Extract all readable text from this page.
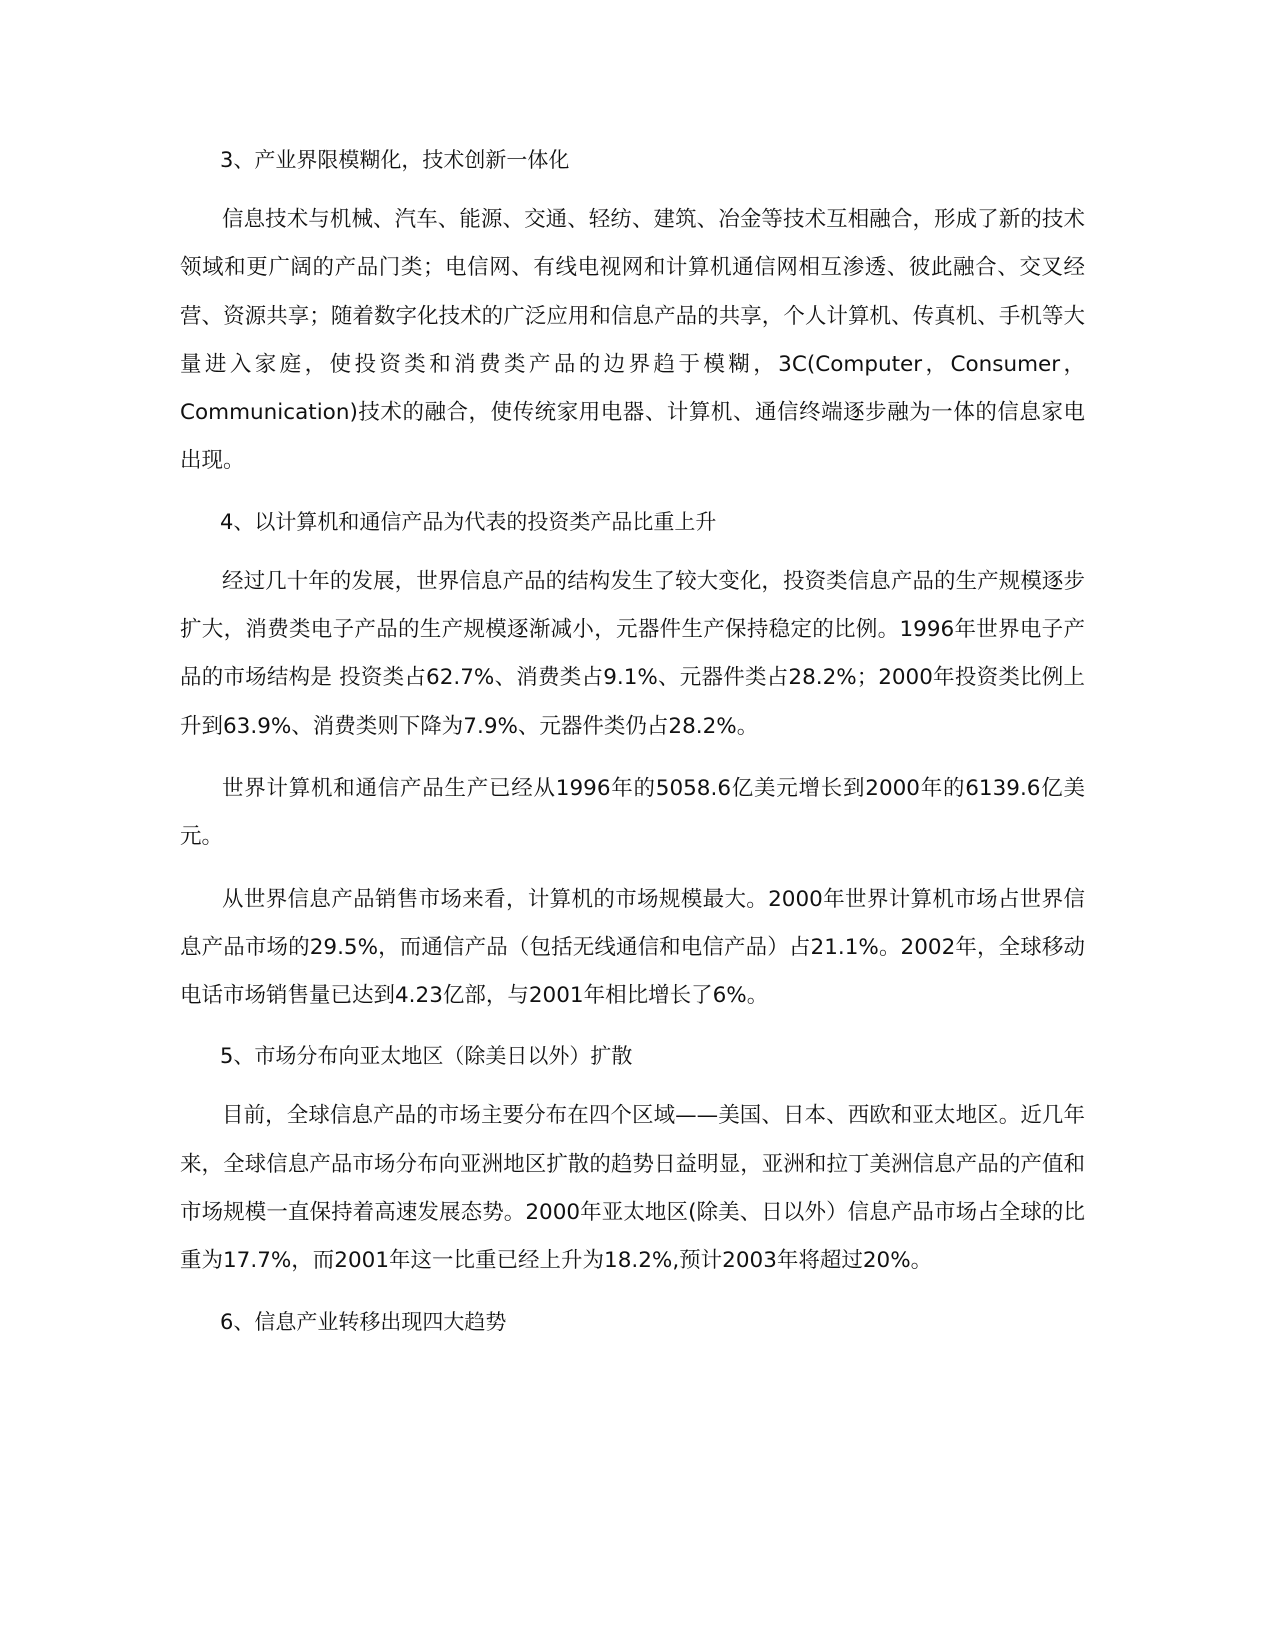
3、产业界限模糊化，技术创新一体化

信息技术与机械、汽车、能源、交通、轻纺、建筑、冶金等技术互相融合，形成了新的技术领域和更广阔的产品门类；电信网、有线电视网和计算机通信网相互渗透、彼此融合、交叉经营、资源共享；随着数字化技术的广泛应用和信息产品的共享，个人计算机、传真机、手机等大量进入家庭，使投资类和消费类产品的边界趋于模糊，3C(Computer，Consumer，Communication)技术的融合，使传统家用电器、计算机、通信终端逐步融为一体的信息家电出现。

4、以计算机和通信产品为代表的投资类产品比重上升

经过几十年的发展，世界信息产品的结构发生了较大变化，投资类信息产品的生产规模逐步扩大，消费类电子产品的生产规模逐渐减小，元器件生产保持稳定的比例。1996年世界电子产品的市场结构是 投资类占62.7%、消费类占9.1%、元器件类占28.2%；2000年投资类比例上升到63.9%、消费类则下降为7.9%、元器件类仍占28.2%。

世界计算机和通信产品生产已经从1996年的5058.6亿美元增长到2000年的6139.6亿美元。

从世界信息产品销售市场来看，计算机的市场规模最大。2000年世界计算机市场占世界信息产品市场的29.5%，而通信产品（包括无线通信和电信产品）占21.1%。2002年，全球移动电话市场销售量已达到4.23亿部，与2001年相比增长了6%。

5、市场分布向亚太地区（除美日以外）扩散

目前，全球信息产品的市场主要分布在四个区域——美国、日本、西欧和亚太地区。近几年来，全球信息产品市场分布向亚洲地区扩散的趋势日益明显，亚洲和拉丁美洲信息产品的产值和市场规模一直保持着高速发展态势。2000年亚太地区(除美、日以外）信息产品市场占全球的比重为17.7%，而2001年这一比重已经上升为18.2%,预计2003年将超过20%。

6、信息产业转移出现四大趋势
